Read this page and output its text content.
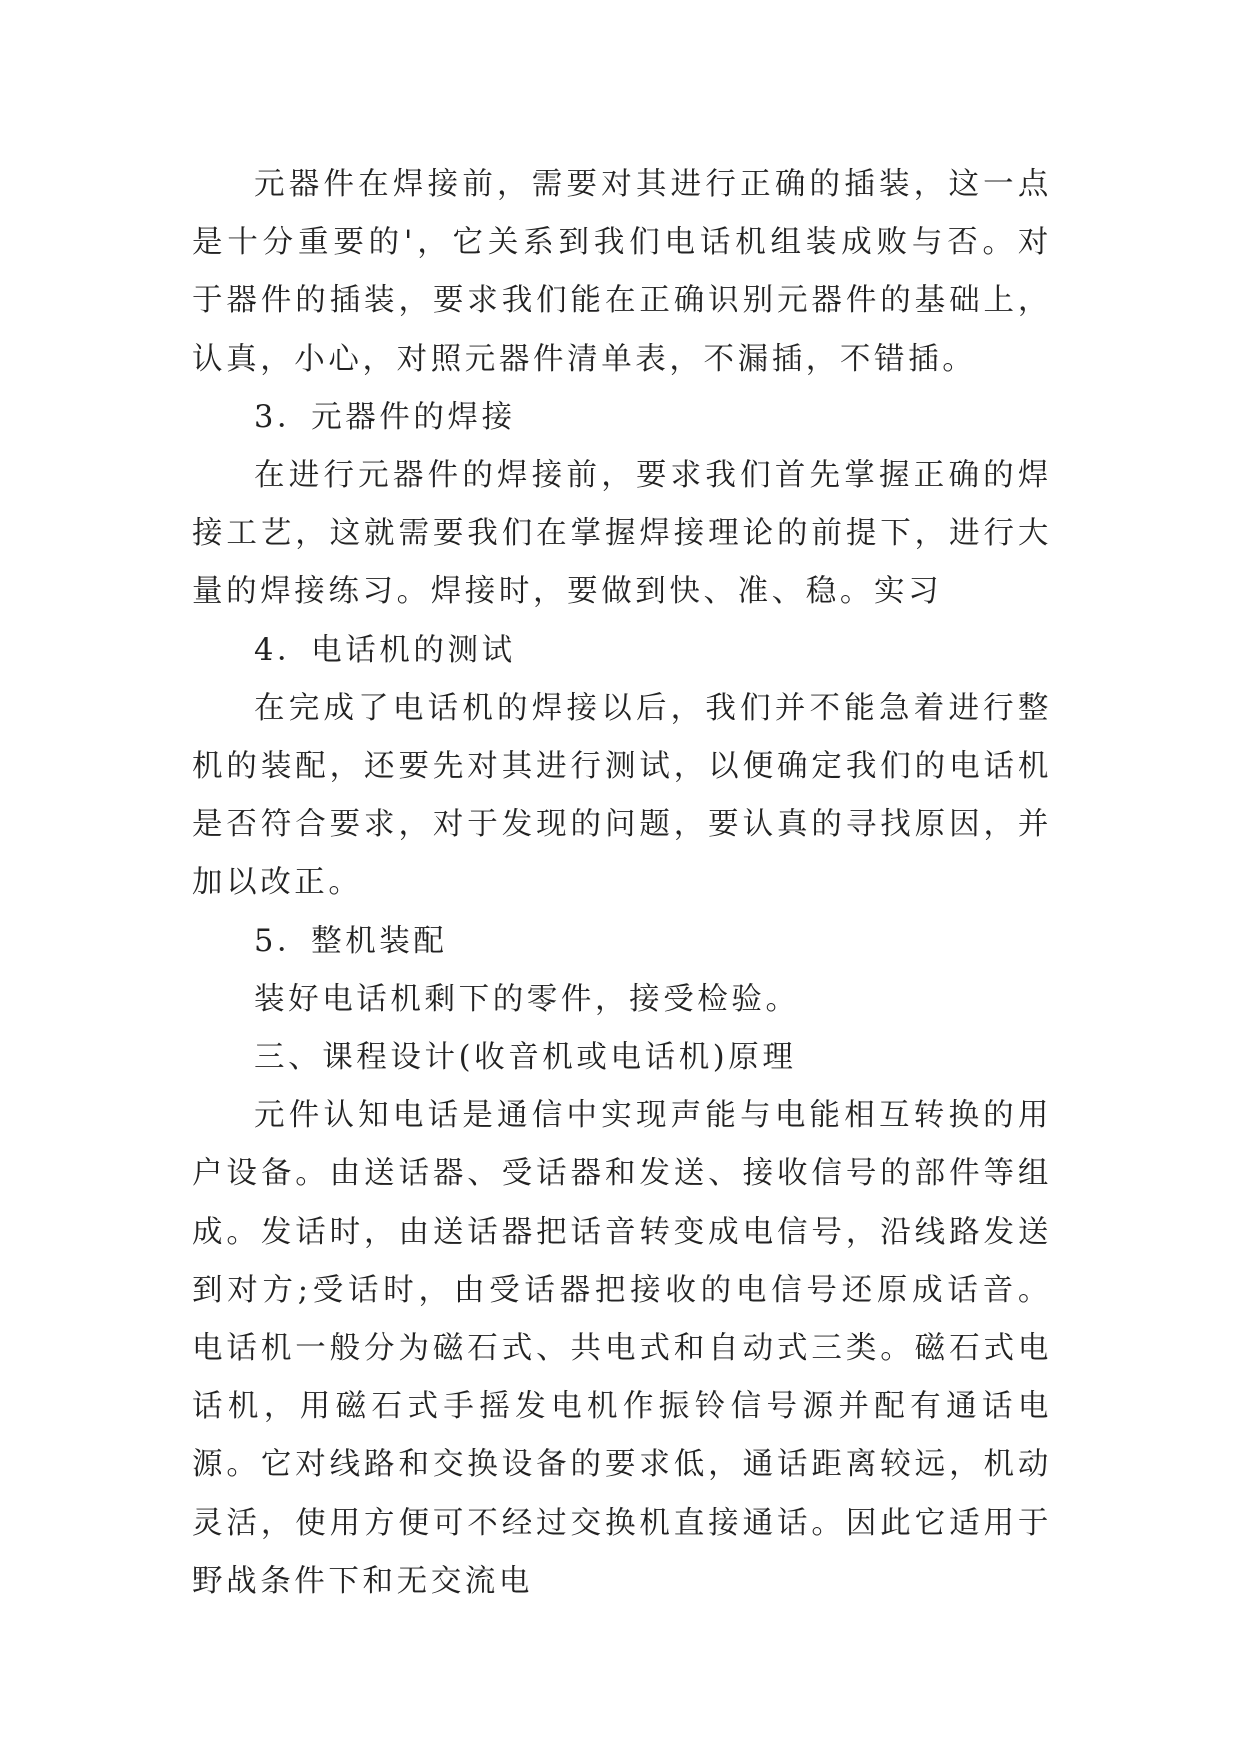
元器件在焊接前，需要对其进行正确的插装，这一点是十分重要的'，它关系到我们电话机组装成败与否。对于器件的插装，要求我们能在正确识别元器件的基础上，认真，小心，对照元器件清单表，不漏插，不错插。

3．元器件的焊接

在进行元器件的焊接前，要求我们首先掌握正确的焊接工艺，这就需要我们在掌握焊接理论的前提下，进行大量的焊接练习。焊接时，要做到快、准、稳。实习

4．电话机的测试

在完成了电话机的焊接以后，我们并不能急着进行整机的装配，还要先对其进行测试，以便确定我们的电话机是否符合要求，对于发现的问题，要认真的寻找原因，并加以改正。

5．整机装配

装好电话机剩下的零件，接受检验。

三、课程设计(收音机或电话机)原理

元件认知电话是通信中实现声能与电能相互转换的用户设备。由送话器、受话器和发送、接收信号的部件等组成。发话时，由送话器把话音转变成电信号，沿线路发送到对方;受话时，由受话器把接收的电信号还原成话音。电话机一般分为磁石式、共电式和自动式三类。磁石式电话机，用磁石式手摇发电机作振铃信号源并配有通话电源。它对线路和交换设备的要求低，通话距离较远，机动灵活，使用方便可不经过交换机直接通话。因此它适用于野战条件下和无交流电
